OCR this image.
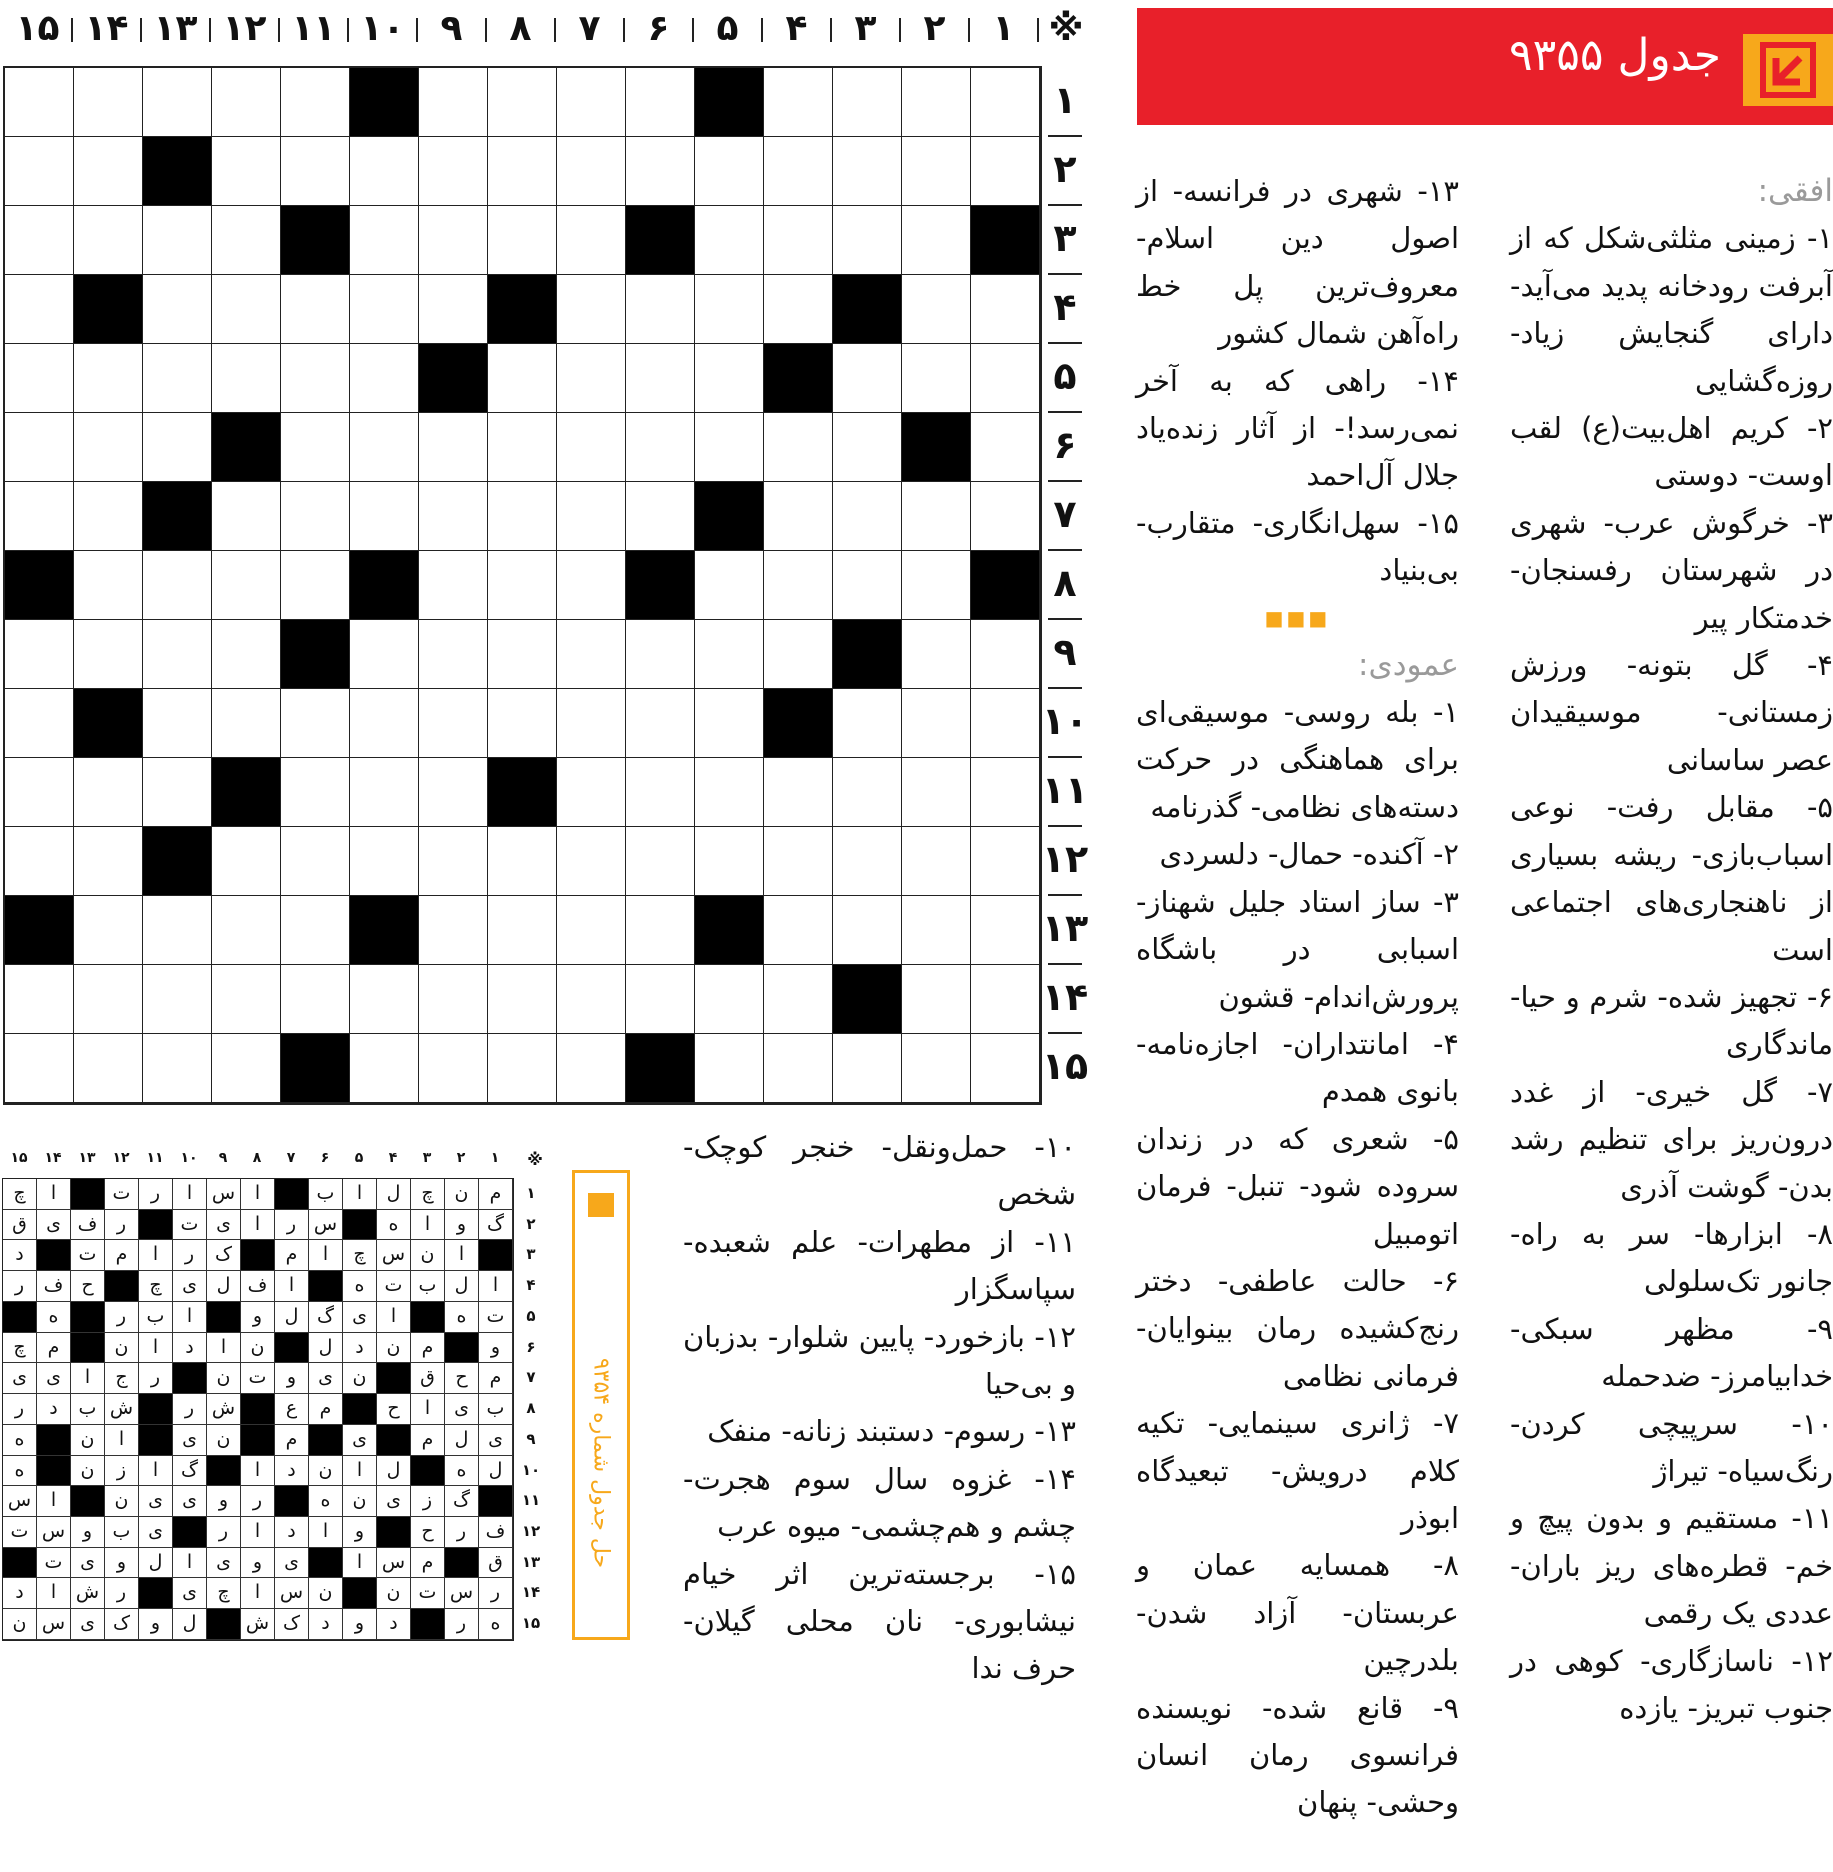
جدول ۹۳۵۵

افقی:

۱- زمینی مثلثی‌شکل که از آبرفت رودخانه پدید می‌آید- دارای گنجایش زیاد- روزه‌گشایی

۲- کریم اهل‌بیت(ع) لقب اوست- دوستی

۳- خرگوش عرب- شهری در شهرستان رفسنجان- خدمتکار پیر

۴- گل بتونه- ورزش زمستانی- موسیقیدان عصر ساسانی

۵- مقابل رفت- نوعی اسباب‌بازی- ریشه بسیاری از ناهنجاری‌های اجتماعی است

۶- تجهیز شده- شرم و حیا- ماندگاری

۷- گل خیری- از غدد درون‌ریز برای تنظیم رشد بدن- گوشت آذری

۸- ابزارها- سر به راه- جانور تک‌سلولی

۹- مظهر سبکی- خدابیامرز- ضدحمله

۱۰- سرپیچی کردن- رنگ‌سیاه- تیراژ

۱۱- مستقیم و بدون پیچ و خم- قطره‌های ریز باران- عددی یک رقمی

۱۲- ناسازگاری- کوهی در جنوب تبریز- یازده

۱۳- شهری در فرانسه- از اصول دین اسلام- معروف‌ترین پل خط راه‌آهن شمال کشور

۱۴- راهی که به آخر نمی‌رسد!- از آثار زنده‌یاد جلال آل‌احمد

۱۵- سهل‌انگاری- متقارب- بی‌بنیاد

■■■

عمودی:

۱- بله روسی- موسیقی‌ای برای هماهنگی در حرکت دسته‌های نظامی- گذرنامه

۲- آکنده- حمال- دلسردی

۳- ساز استاد جلیل شهناز- اسبابی در باشگاه پرورش‌اندام- قشون

۴- امانتداران- اجازه‌نامه- بانوی همدم

۵- شعری که در زندان سروده شود- تنبل- فرمان اتومبیل

۶- حالت عاطفی- دختر رنج‌کشیده رمان بینوایان- فرمانی نظامی

۷- ژانری سینمایی- تکیه کلام درویش- تبعیدگاه ابوذر

۸- همسایه عمان و عربستان- آزاد شدن- بلدرچین

۹- قانع شده- نویسنده فرانسوی رمان انسان وحشی- پنهان

۱۰- حمل‌ونقل- خنجر کوچک- شخص

۱۱- از مطهرات- علم شعبده- سپاسگزار

۱۲- بازخورد- پایین شلوار- بدزبان و بی‌حیا

۱۳- رسوم- دستبند زنانه- منفک

۱۴- غزوه سال سوم هجرت- چشم و هم‌چشمی- میوه عرب

۱۵- برجسته‌ترین اثر خیام نیشابوری- نان محلی گیلان- حرف ندا

※
۱
۲
۳
۴
۵
۶
۷
۸
۹
۱۰
۱۱
۱۲
۱۳
۱۴
۱۵
۱
۲
۳
۴
۵
۶
۷
۸
۹
۱۰
۱۱
۱۲
۱۳
۱۴
۱۵
حل جدول شماره ۹۳۵۴
※
۱
۲
۳
۴
۵
۶
۷
۸
۹
۱۰
۱۱
۱۲
۱۳
۱۴
۱۵
م
ن
چ
ل
ا
ب
ا
س
ا
ر
ت
ا
چ
گ
و
ا
ه
س
ر
ا
ی
ت
ر
ف
ی
ق
ا
ن
س
چ
ا
م
ک
ر
ا
م
ت
د
ا
ل
ب
ت
ه
ا
ف
ل
ی
چ
ح
ف
ر
ت
ه
ا
ی
گ
ل
و
ا
ب
ر
ه
و
م
ن
د
ل
ن
ا
د
ا
ن
م
چ
م
ح
ق
ن
ی
و
ت
ن
ر
ج
ا
ی
ی
ب
ی
ا
ح
م
ع
ش
ر
ش
ب
د
ر
ی
ل
م
ی
م
ن
ی
ا
ن
ه
ل
ه
ل
ا
ن
د
ا
گ
ا
ز
ن
ه
گ
ز
ی
ن
ه
ر
و
ی
ی
ن
ا
س
ف
ر
ح
و
ا
د
ا
ر
ی
ب
و
س
ت
ق
م
س
ا
ی
و
ی
ا
ل
و
ی
ت
ر
س
ت
ن
ن
س
ا
چ
ی
ر
ش
ا
د
ه
ر
د
و
د
ک
ش
ل
و
ک
ی
س
ن
۱
۲
۳
۴
۵
۶
۷
۸
۹
۱۰
۱۱
۱۲
۱۳
۱۴
۱۵
